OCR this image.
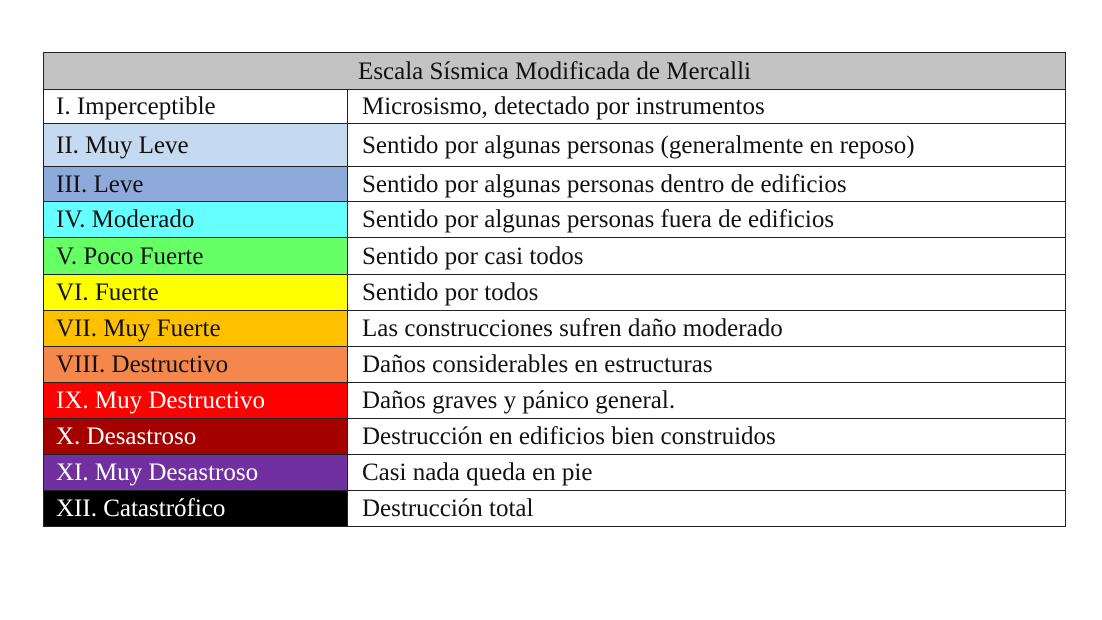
Escala Sísmica Modificada de Mercalli	
I. Imperceptible	Microsismo, detectado por instrumentos
II. Muy Leve	Sentido por algunas personas (generalmente en reposo)
III. Leve	Sentido por algunas personas dentro de edificios
IV. Moderado	Sentido por algunas personas fuera de edificios
V. Poco Fuerte	Sentido por casi todos
VI. Fuerte	Sentido por todos
VII. Muy Fuerte	Las construcciones sufren daño moderado
VIII. Destructivo	Daños considerables en estructuras
IX. Muy Destructivo	Daños graves y pánico general.
X. Desastroso	Destrucción en edificios bien construidos
XI. Muy Desastroso	Casi nada queda en pie
XII. Catastrófico	Destrucción total
